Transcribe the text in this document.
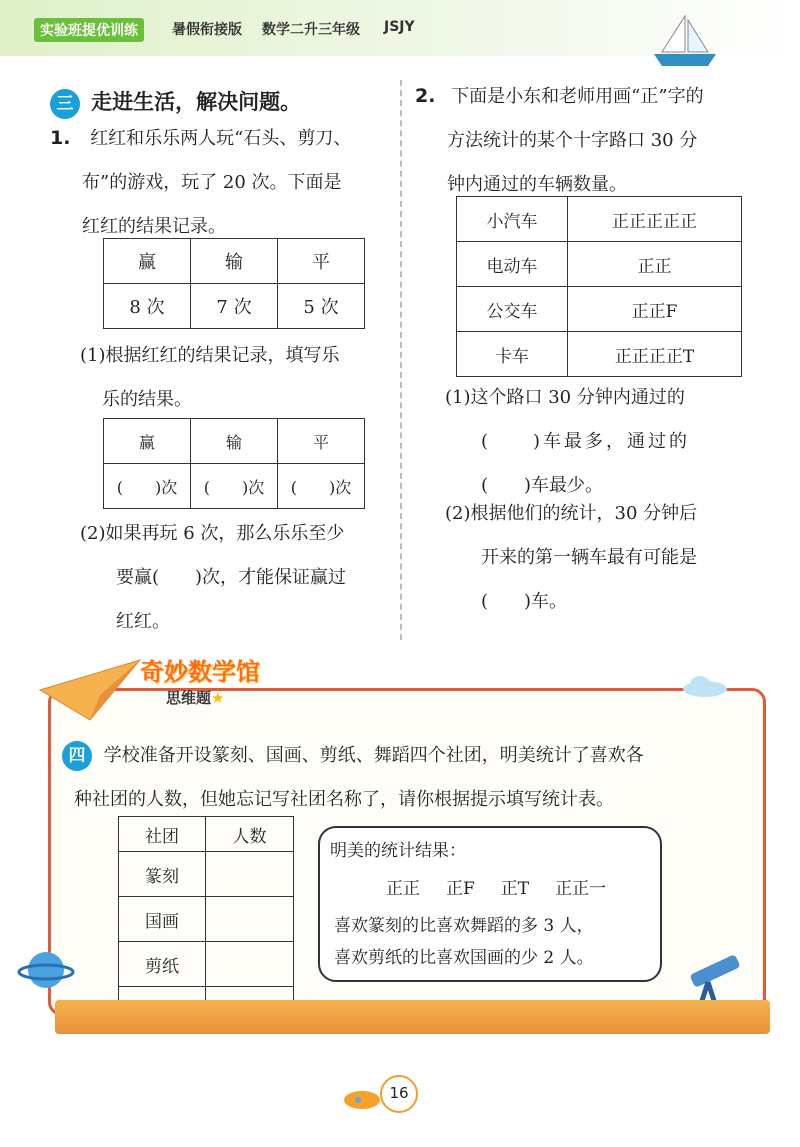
实验班提优训练	暑假衔接版 数学二升三年级 JSJY
三 走进生活，解决问题。
1. 红红和乐乐两人玩“石头、剪刀、
布”的游戏，玩了 20 次。下面是
红红的结果记录。
赢	输	平
8 次	7 次	5 次
(1)根据红红的结果记录，填写乐
乐的结果。
赢	输	平
(　　)次	(　　)次	(　　)次
(2)如果再玩 6 次，那么乐乐至少
要赢(　　)次，才能保证赢过
红红。
2. 下面是小东和老师用画“正”字的
方法统计的某个十字路口 30 分
钟内通过的车辆数量。
小汽车	正正正正正
电动车	正正
公交车	正正F
卡车	正正正正T
(1)这个路口 30 分钟内通过的
(　　)车最多，通过的
(　　)车最少。
(2)根据他们的统计，30 分钟后
开来的第一辆车最有可能是
(　　)车。
奇妙数学馆
思维题★
四 学校准备开设篆刻、国画、剪纸、舞蹈四个社团，明美统计了喜欢各
种社团的人数，但她忘记写社团名称了，请你根据提示填写统计表。
社团	人数
篆刻	
国画	
剪纸	

明美的统计结果：
正正 正F 正T 正正一
喜欢篆刻的比喜欢舞蹈的多 3 人，
喜欢剪纸的比喜欢国画的少 2 人。
16
